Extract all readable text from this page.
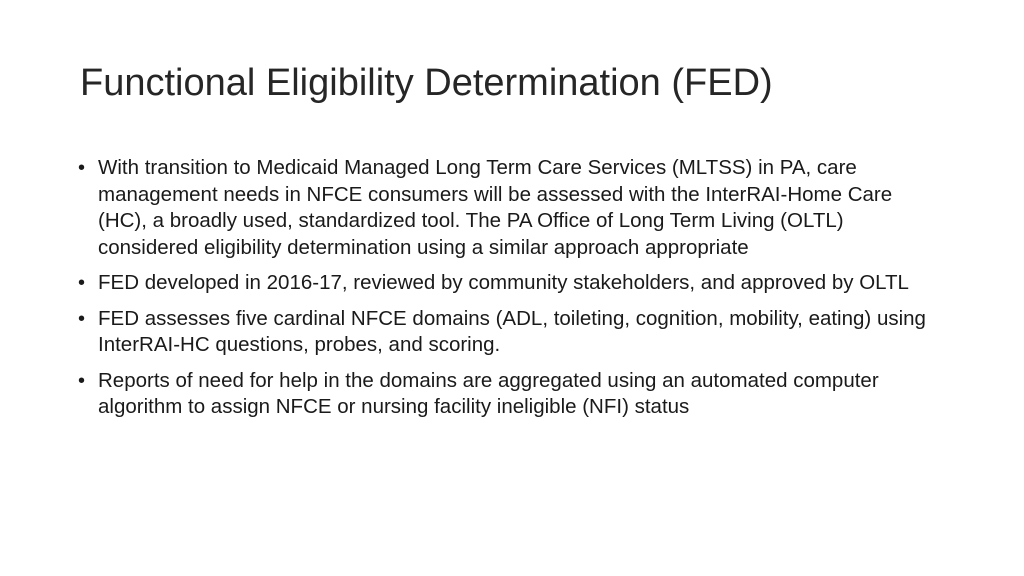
Functional Eligibility Determination (FED)
• With transition to Medicaid Managed Long Term Care Services (MLTSS) in PA, care management needs in NFCE consumers will be assessed with the InterRAI-Home Care (HC), a broadly used, standardized tool. The PA Office of Long Term Living (OLTL) considered eligibility determination using a similar approach appropriate
• FED developed in 2016-17, reviewed by community stakeholders, and approved by OLTL
• FED assesses five cardinal NFCE domains (ADL, toileting, cognition, mobility, eating) using InterRAI-HC questions, probes, and scoring.
• Reports of need for help in the domains are aggregated using an automated computer algorithm to assign NFCE or nursing facility ineligible (NFI) status
